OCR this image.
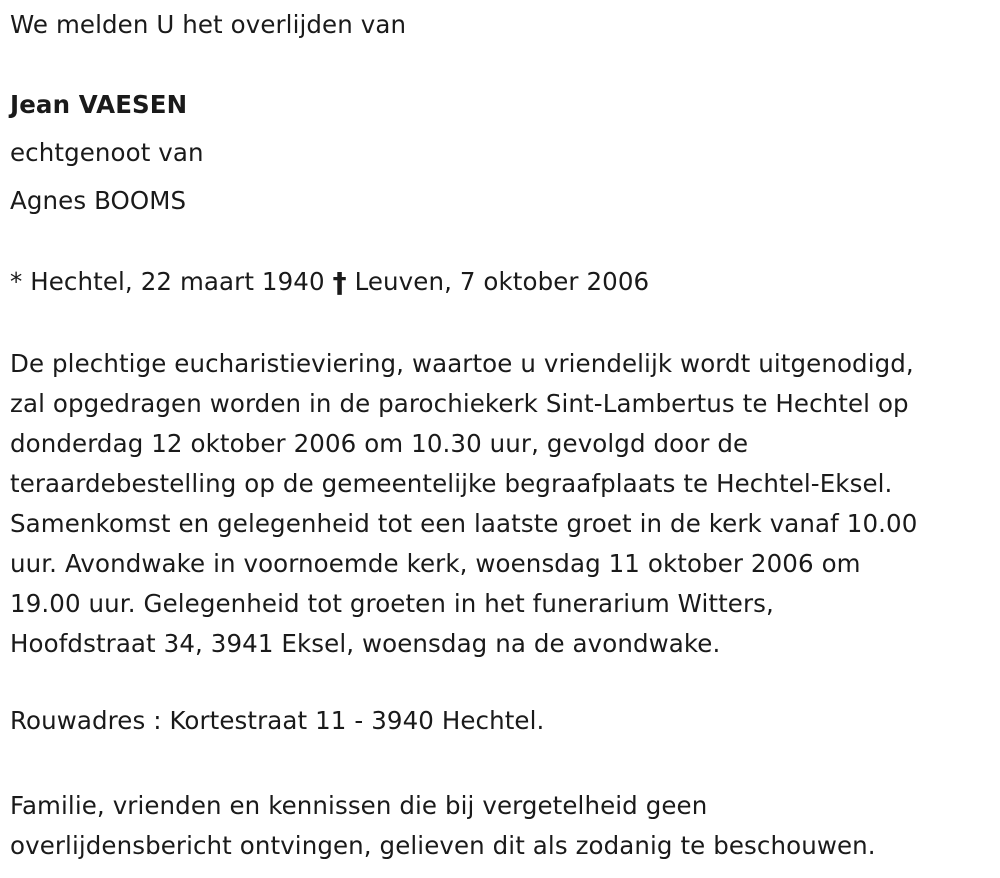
We melden U het overlijden van
Jean VAESEN
echtgenoot van
Agnes BOOMS
* Hechtel, 22 maart 1940 † Leuven, 7 oktober 2006
De plechtige eucharistieviering, waartoe u vriendelijk wordt uitgenodigd,
zal opgedragen worden in de parochiekerk Sint-Lambertus te Hechtel op
donderdag 12 oktober 2006 om 10.30 uur, gevolgd door de
teraardebestelling op de gemeentelijke begraafplaats te Hechtel-Eksel.
Samenkomst en gelegenheid tot een laatste groet in de kerk vanaf 10.00
uur. Avondwake in voornoemde kerk, woensdag 11 oktober 2006 om
19.00 uur. Gelegenheid tot groeten in het funerarium Witters,
Hoofdstraat 34, 3941 Eksel, woensdag na de avondwake.
Rouwadres : Kortestraat 11 - 3940 Hechtel.
Familie, vrienden en kennissen die bij vergetelheid geen
overlijdensbericht ontvingen, gelieven dit als zodanig te beschouwen.
